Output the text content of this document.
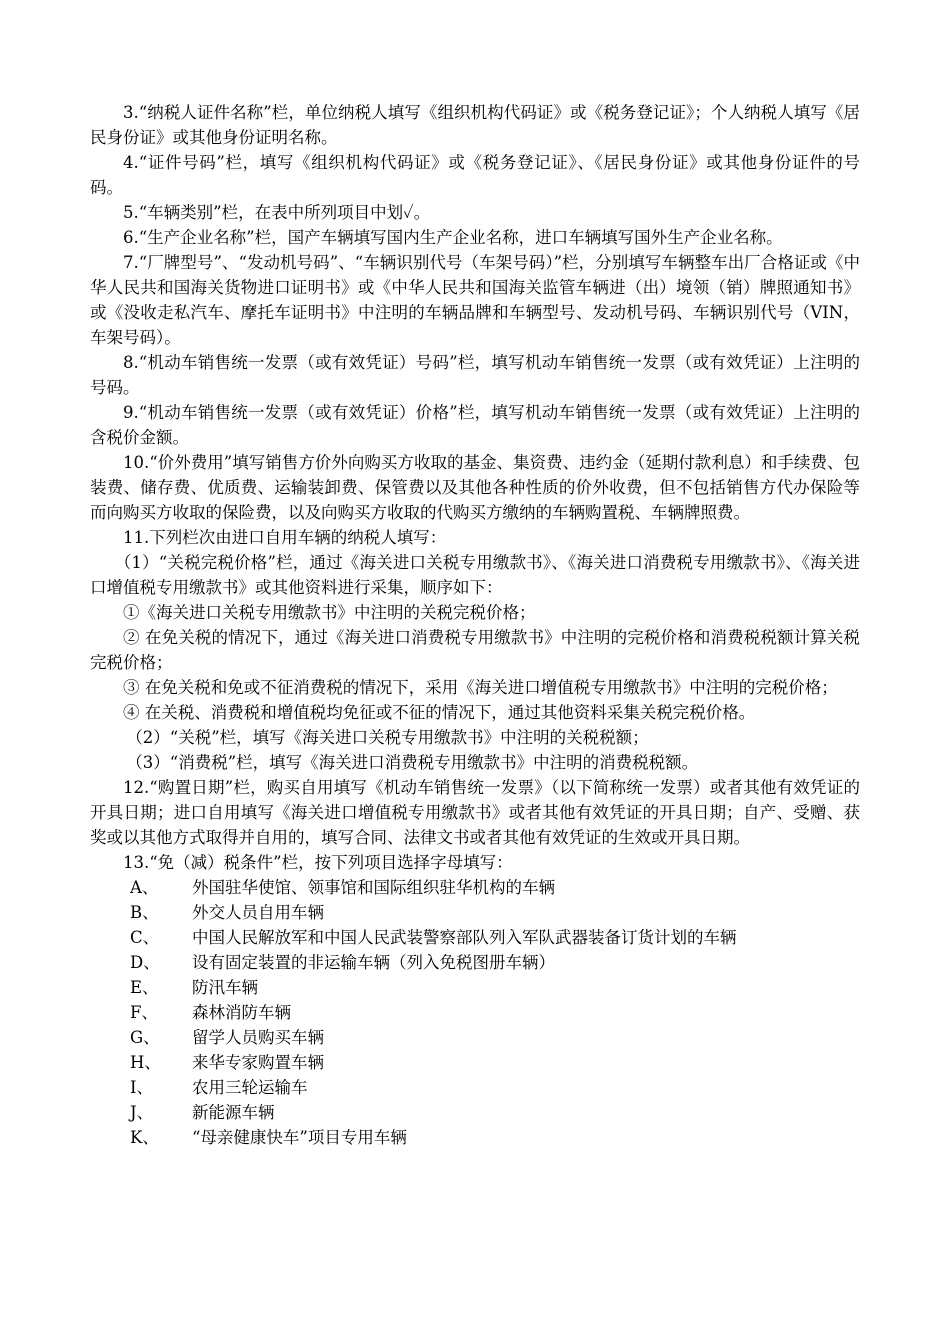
3.“纳税人证件名称”栏，单位纳税人填写《组织机构代码证》或《税务登记证》；个人纳税人填写《居民身份证》或其他身份证明名称。

4.“证件号码”栏，填写《组织机构代码证》或《税务登记证》、《居民身份证》或其他身份证件的号码。

5.“车辆类别”栏，在表中所列项目中划✓。

6.“生产企业名称”栏，国产车辆填写国内生产企业名称，进口车辆填写国外生产企业名称。

7.“厂牌型号”、“发动机号码”、“车辆识别代号（车架号码）”栏，分别填写车辆整车出厂合格证或《中华人民共和国海关货物进口证明书》或《中华人民共和国海关监管车辆进（出）境领（销）牌照通知书》或《没收走私汽车、摩托车证明书》中注明的车辆品牌和车辆型号、发动机号码、车辆识别代号（VIN，车架号码）。

8.“机动车销售统一发票（或有效凭证）号码”栏，填写机动车销售统一发票（或有效凭证）上注明的号码。

9.“机动车销售统一发票（或有效凭证）价格”栏，填写机动车销售统一发票（或有效凭证）上注明的含税价金额。

10.“价外费用”填写销售方价外向购买方收取的基金、集资费、违约金（延期付款利息）和手续费、包装费、储存费、优质费、运输装卸费、保管费以及其他各种性质的价外收费，但不包括销售方代办保险等而向购买方收取的保险费，以及向购买方收取的代购买方缴纳的车辆购置税、车辆牌照费。

11.下列栏次由进口自用车辆的纳税人填写：

（1）“关税完税价格”栏，通过《海关进口关税专用缴款书》、《海关进口消费税专用缴款书》、《海关进口增值税专用缴款书》或其他资料进行采集，顺序如下：

①《海关进口关税专用缴款书》中注明的关税完税价格；

② 在免关税的情况下，通过《海关进口消费税专用缴款书》中注明的完税价格和消费税税额计算关税完税价格；

③ 在免关税和免或不征消费税的情况下，采用《海关进口增值税专用缴款书》中注明的完税价格；

④ 在关税、消费税和增值税均免征或不征的情况下，通过其他资料采集关税完税价格。

（2）“关税”栏，填写《海关进口关税专用缴款书》中注明的关税税额；

（3）“消费税”栏，填写《海关进口消费税专用缴款书》中注明的消费税税额。

12.“购置日期”栏，购买自用填写《机动车销售统一发票》（以下简称统一发票）或者其他有效凭证的开具日期；进口自用填写《海关进口增值税专用缴款书》或者其他有效凭证的开具日期；自产、受赠、获奖或以其他方式取得并自用的，填写合同、法律文书或者其他有效凭证的生效或开具日期。

13.“免（减）税条件”栏，按下列项目选择字母填写：

A、	外国驻华使馆、领事馆和国际组织驻华机构的车辆
B、	外交人员自用车辆
C、	中国人民解放军和中国人民武装警察部队列入军队武器装备订货计划的车辆
D、	设有固定装置的非运输车辆（列入免税图册车辆）
E、	防汛车辆
F、	森林消防车辆
G、	留学人员购买车辆
H、	来华专家购置车辆
I、	农用三轮运输车
J、	新能源车辆
K、	“母亲健康快车”项目专用车辆
